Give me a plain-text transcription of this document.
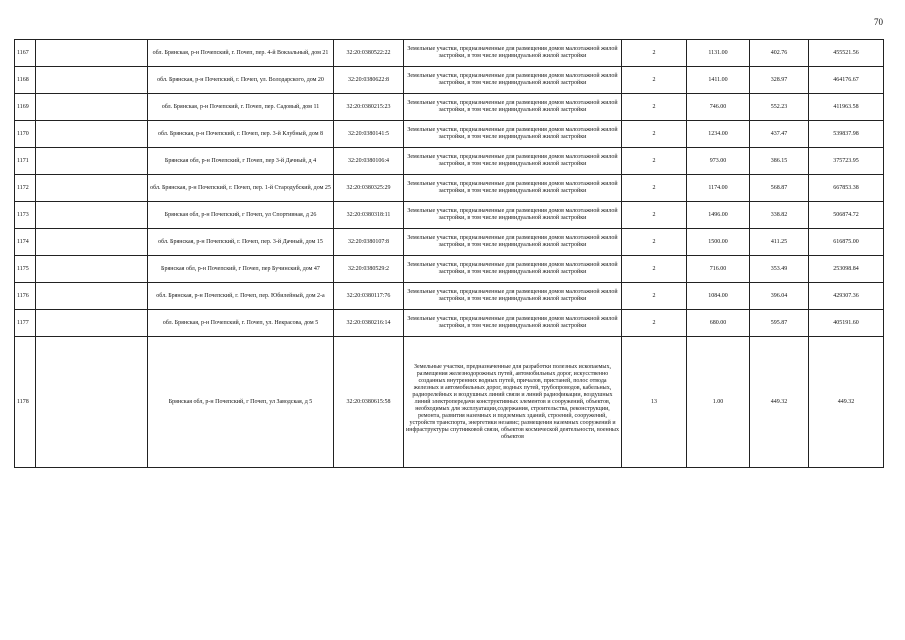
70
1167		обл. Брянская, р-н Почепский, г. Почеп, пер. 4-й Вокзальный, дом 21	32:20:0380522:22	Земельные участки, предназначенные для размещения домов малоэтажной жилой застройки, в том числе индивидуальной жилой застройки	2	1131.00	402.76	455521.56
1168		обл. Брянская, р-н Почепский, г. Почеп, ул. Володарского, дом 20	32:20:0380622:8	Земельные участки, предназначенные для размещения домов малоэтажной жилой застройки, в том числе индивидуальной жилой застройки	2	1411.00	328.97	464176.67
1169		обл. Брянская, р-н Почепский, г. Почеп, пер. Садовый, дом 11	32:20:0380215:23	Земельные участки, предназначенные для размещения домов малоэтажной жилой застройки, в том числе индивидуальной жилой застройки	2	746.00	552.23	411963.58
1170		обл. Брянская, р-н Почепский, г. Почеп, пер. 3-й Клубный, дом 8	32:20:0380141:5	Земельные участки, предназначенные для размещения домов малоэтажной жилой застройки, в том числе индивидуальной жилой застройки	2	1234.00	437.47	539837.98
1171		Брянская обл, р-н Почепский, г Почеп, пер 3-й Дачный, д 4	32:20:0380106:4	Земельные участки, предназначенные для размещения домов малоэтажной жилой застройки, в том числе индивидуальной жилой застройки	2	973.00	386.15	375723.95
1172		обл. Брянская, р-н Почепский, г. Почеп, пер. 1-й Стародубский, дом 25	32:20:0380325:29	Земельные участки, предназначенные для размещения домов малоэтажной жилой застройки, в том числе индивидуальной жилой застройки	2	1174.00	568.87	667853.38
1173		Брянская обл, р-н Почепский, г Почеп, ул Спортивная, д 26	32:20:0380318:11	Земельные участки, предназначенные для размещения домов малоэтажной жилой застройки, в том числе индивидуальной жилой застройки	2	1496.00	338.82	506874.72
1174		обл. Брянская, р-н Почепский, г. Почеп, пер. 3-й Дачный, дом 15	32:20:0380107:8	Земельные участки, предназначенные для размещения домов малоэтажной жилой застройки, в том числе индивидуальной жилой застройки	2	1500.00	411.25	616875.00
1175		Брянская обл, р-н Почепский, г Почеп, пер Бучинский, дом 47	32:20:0380529:2	Земельные участки, предназначенные для размещения домов малоэтажной жилой застройки, в том числе индивидуальной жилой застройки	2	716.00	353.49	253098.84
1176		обл. Брянская, р-н Почепский, г. Почеп, пер. Юбилейный, дом 2-а	32:20:0380117:76	Земельные участки, предназначенные для размещения домов малоэтажной жилой застройки, в том числе индивидуальной жилой застройки	2	1084.00	396.04	429307.36
1177		обл. Брянская, р-н Почепский, г. Почеп, ул. Некрасова, дом 5	32:20:0380216:14	Земельные участки, предназначенные для размещения домов малоэтажной жилой застройки, в том числе индивидуальной жилой застройки	2	680.00	595.87	405191.60
1178		Брянская обл, р-н Почепский, г Почеп, ул Заводская, д 5	32:20:0380615:58	Земельные участки, предназначенные для разработки полезных ископаемых, размещения железнодорожных путей, автомобильных дорог, искусственно созданных внутренних водных путей, причалов, пристаней, полос отвода железных и автомобильных дорог, водных путей, трубопроводов, кабельных, радиорелейных и воздушных линий связи и линий радиофикации, воздушных линий электропередачи конструктивных элементов и сооружений, объектов, необходимых для эксплуатации,содержания, строительства, реконструкции, ремонта, развития наземных и подземных зданий, строений, сооружений, устройств транспорта, энергетики независ; размещения наземных сооружений и инфраструктуры спутниковой связи, объектов космической деятельности, военных объектов	13	1.00	449.32	449.32
